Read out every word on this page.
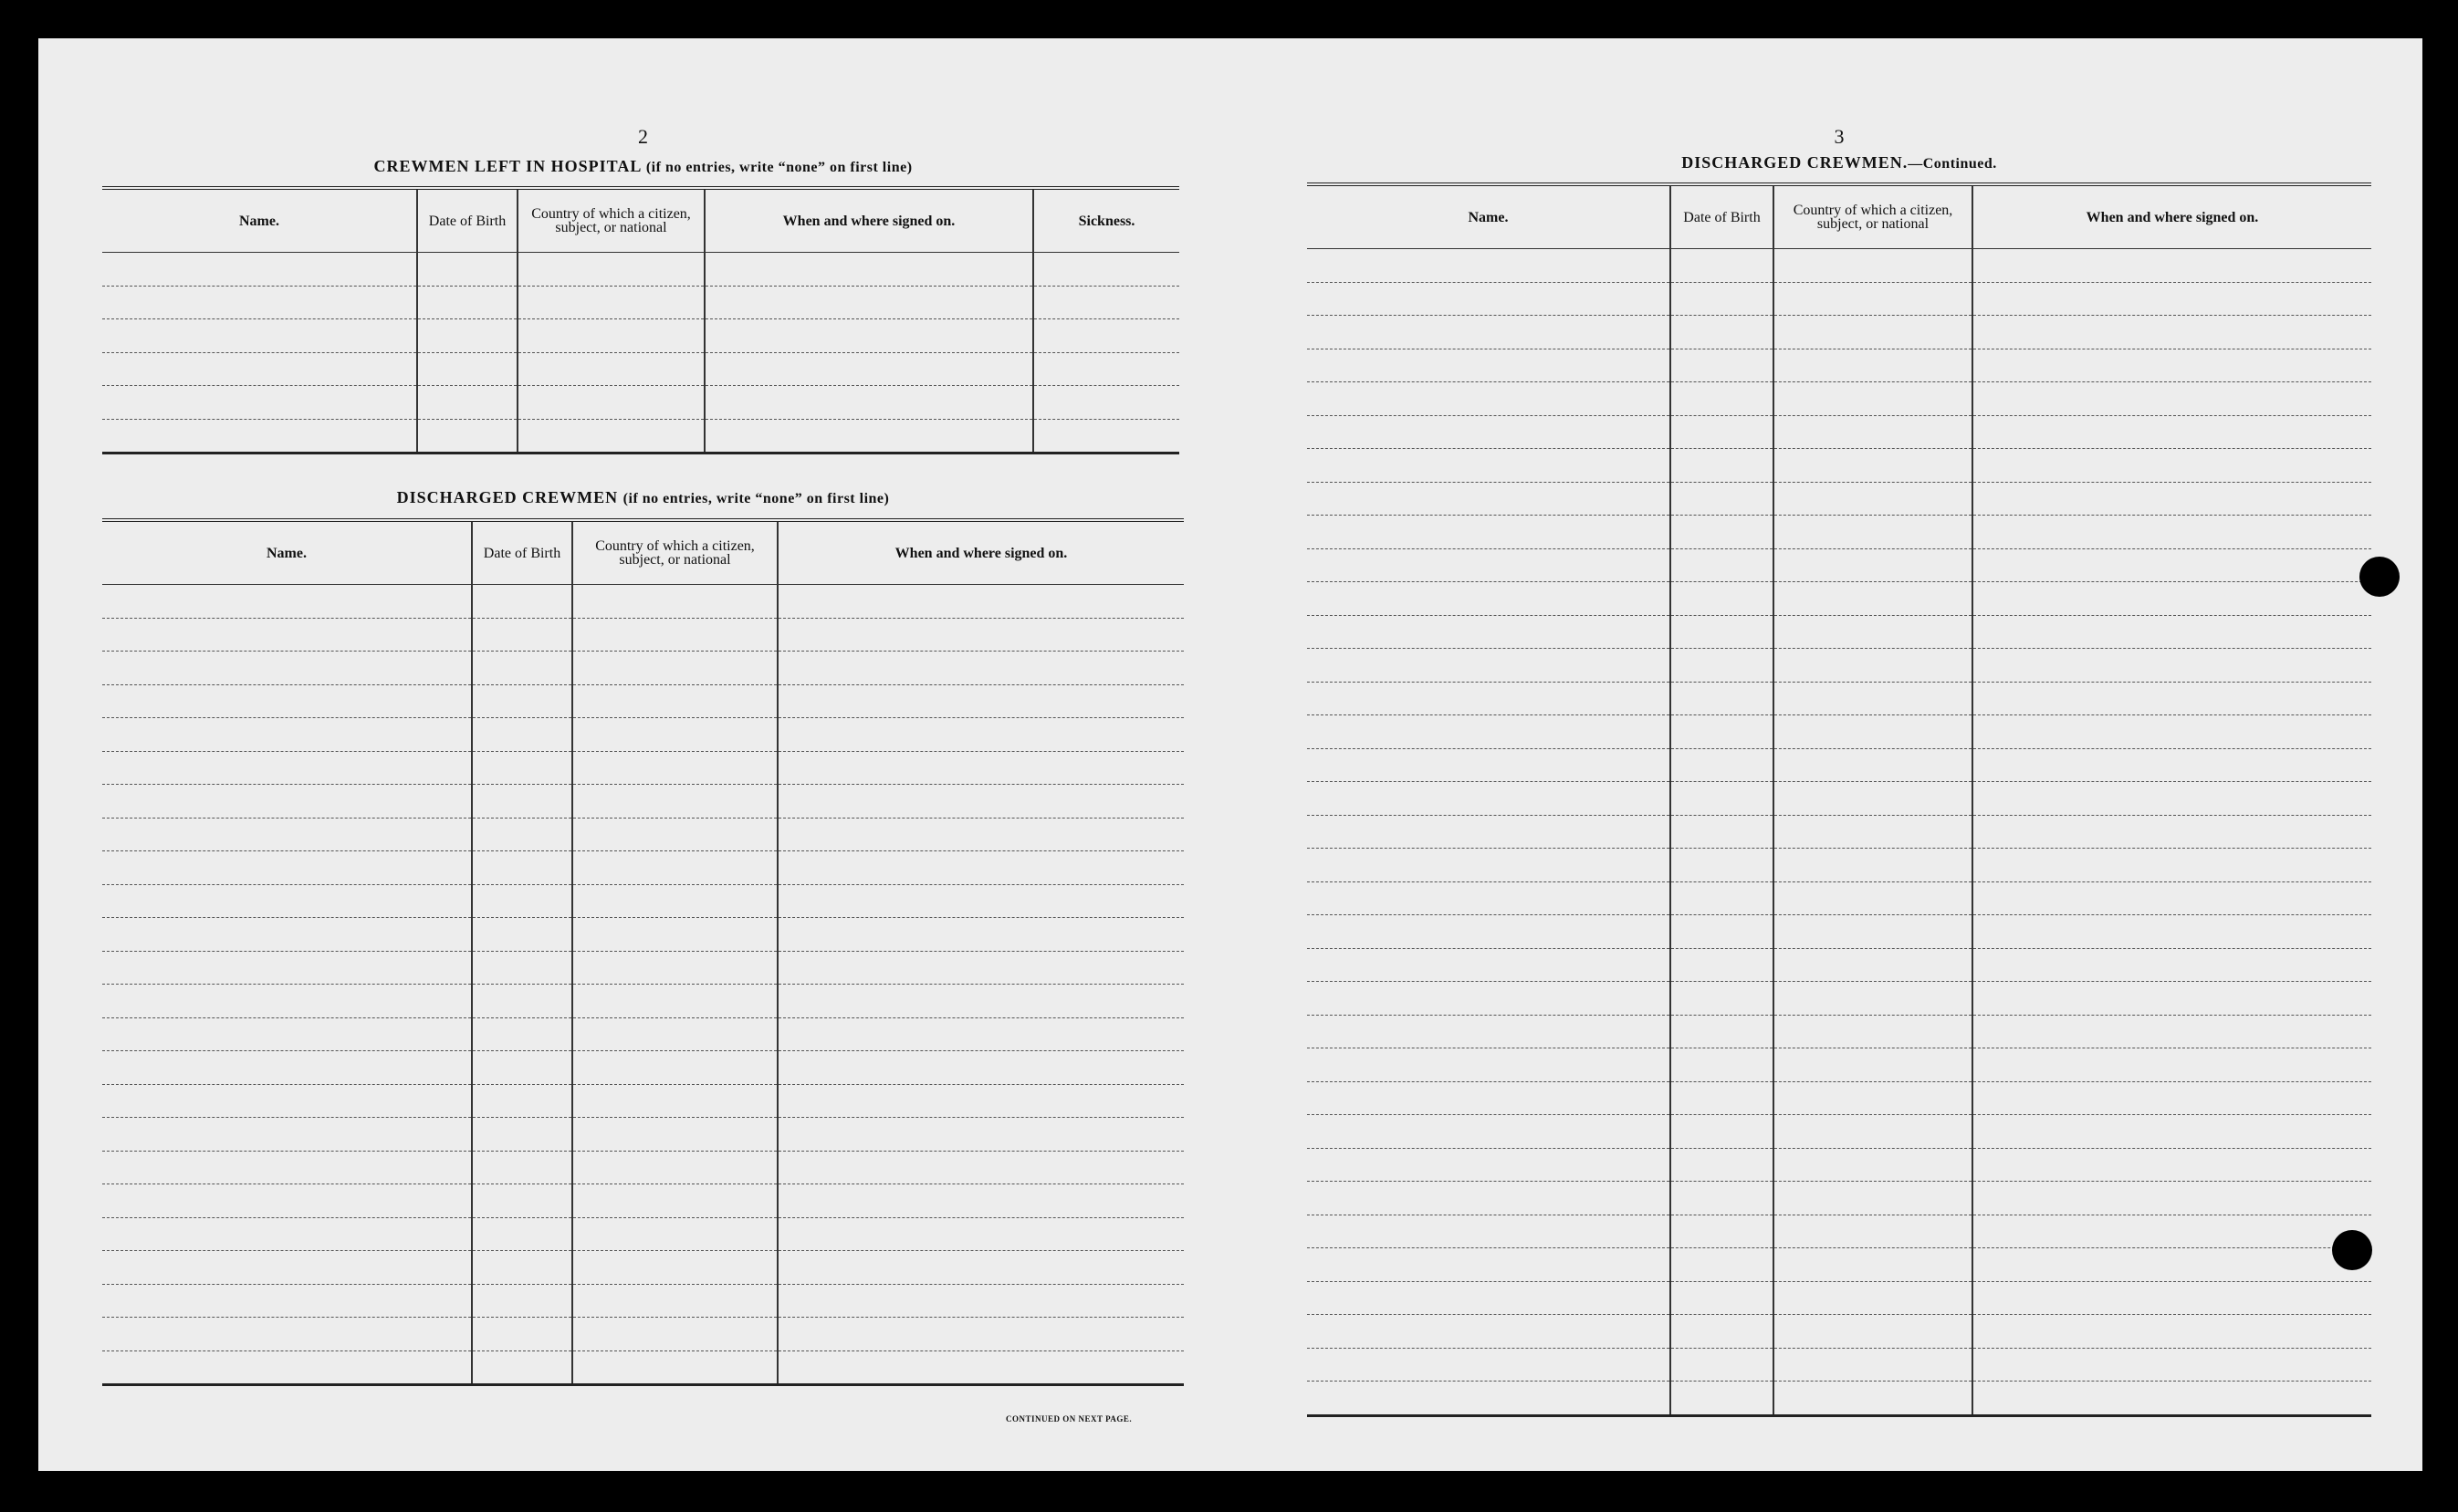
2
CREWMEN LEFT IN HOSPITAL (if no entries, write “none” on first line)
Name.	Date of Birth	Country of which a citizen, subject, or national	When and where signed on.	Sickness.

DISCHARGED CREWMEN (if no entries, write “none” on first line)
Name.	Date of Birth	Country of which a citizen, subject, or national	When and where signed on.

CONTINUED ON NEXT PAGE.
3
DISCHARGED CREWMEN.—Continued.
Name.	Date of Birth	Country of which a citizen, subject, or national	When and where signed on.
